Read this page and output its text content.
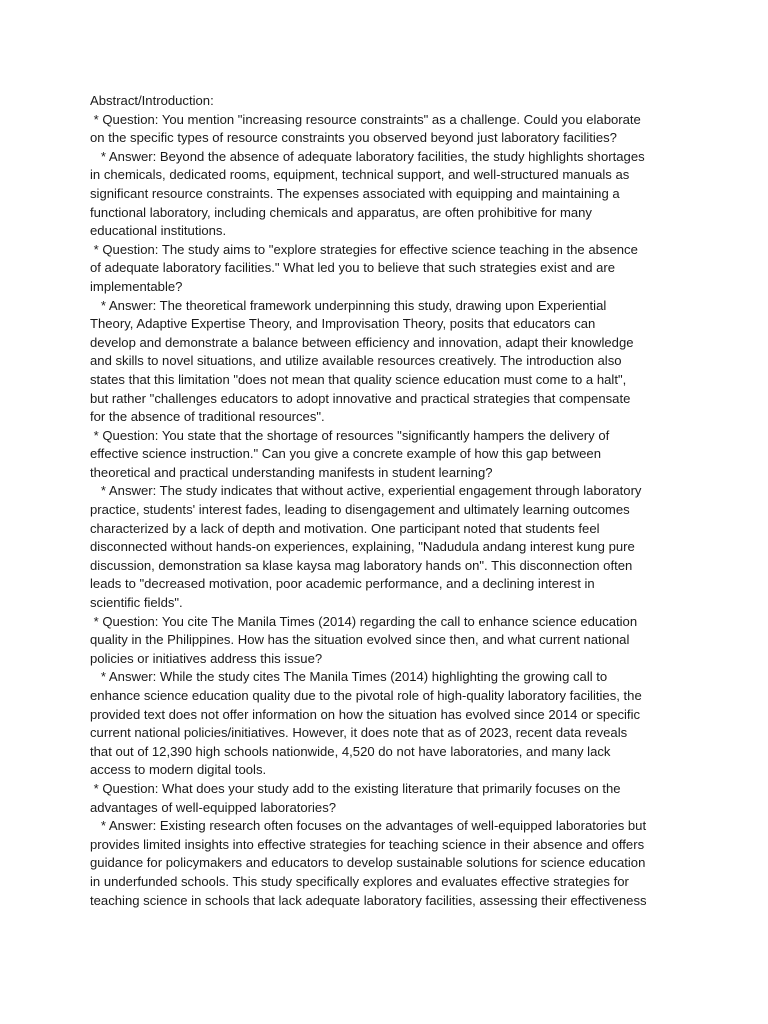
Abstract/Introduction:
* Question: You mention "increasing resource constraints" as a challenge. Could you elaborate
on the specific types of resource constraints you observed beyond just laboratory facilities?
* Answer: Beyond the absence of adequate laboratory facilities, the study highlights shortages
in chemicals, dedicated rooms, equipment, technical support, and well-structured manuals as
significant resource constraints. The expenses associated with equipping and maintaining a
functional laboratory, including chemicals and apparatus, are often prohibitive for many
educational institutions.
* Question: The study aims to "explore strategies for effective science teaching in the absence
of adequate laboratory facilities." What led you to believe that such strategies exist and are
implementable?
* Answer: The theoretical framework underpinning this study, drawing upon Experiential
Theory, Adaptive Expertise Theory, and Improvisation Theory, posits that educators can
develop and demonstrate a balance between efficiency and innovation, adapt their knowledge
and skills to novel situations, and utilize available resources creatively. The introduction also
states that this limitation "does not mean that quality science education must come to a halt",
but rather "challenges educators to adopt innovative and practical strategies that compensate
for the absence of traditional resources".
* Question: You state that the shortage of resources "significantly hampers the delivery of
effective science instruction." Can you give a concrete example of how this gap between
theoretical and practical understanding manifests in student learning?
* Answer: The study indicates that without active, experiential engagement through laboratory
practice, students' interest fades, leading to disengagement and ultimately learning outcomes
characterized by a lack of depth and motivation. One participant noted that students feel
disconnected without hands-on experiences, explaining, "Nadudula andang interest kung pure
discussion, demonstration sa klase kaysa mag laboratory hands on". This disconnection often
leads to "decreased motivation, poor academic performance, and a declining interest in
scientific fields".
* Question: You cite The Manila Times (2014) regarding the call to enhance science education
quality in the Philippines. How has the situation evolved since then, and what current national
policies or initiatives address this issue?
* Answer: While the study cites The Manila Times (2014) highlighting the growing call to
enhance science education quality due to the pivotal role of high-quality laboratory facilities, the
provided text does not offer information on how the situation has evolved since 2014 or specific
current national policies/initiatives. However, it does note that as of 2023, recent data reveals
that out of 12,390 high schools nationwide, 4,520 do not have laboratories, and many lack
access to modern digital tools.
* Question: What does your study add to the existing literature that primarily focuses on the
advantages of well-equipped laboratories?
* Answer: Existing research often focuses on the advantages of well-equipped laboratories but
provides limited insights into effective strategies for teaching science in their absence and offers
guidance for policymakers and educators to develop sustainable solutions for science education
in underfunded schools. This study specifically explores and evaluates effective strategies for
teaching science in schools that lack adequate laboratory facilities, assessing their effectiveness
